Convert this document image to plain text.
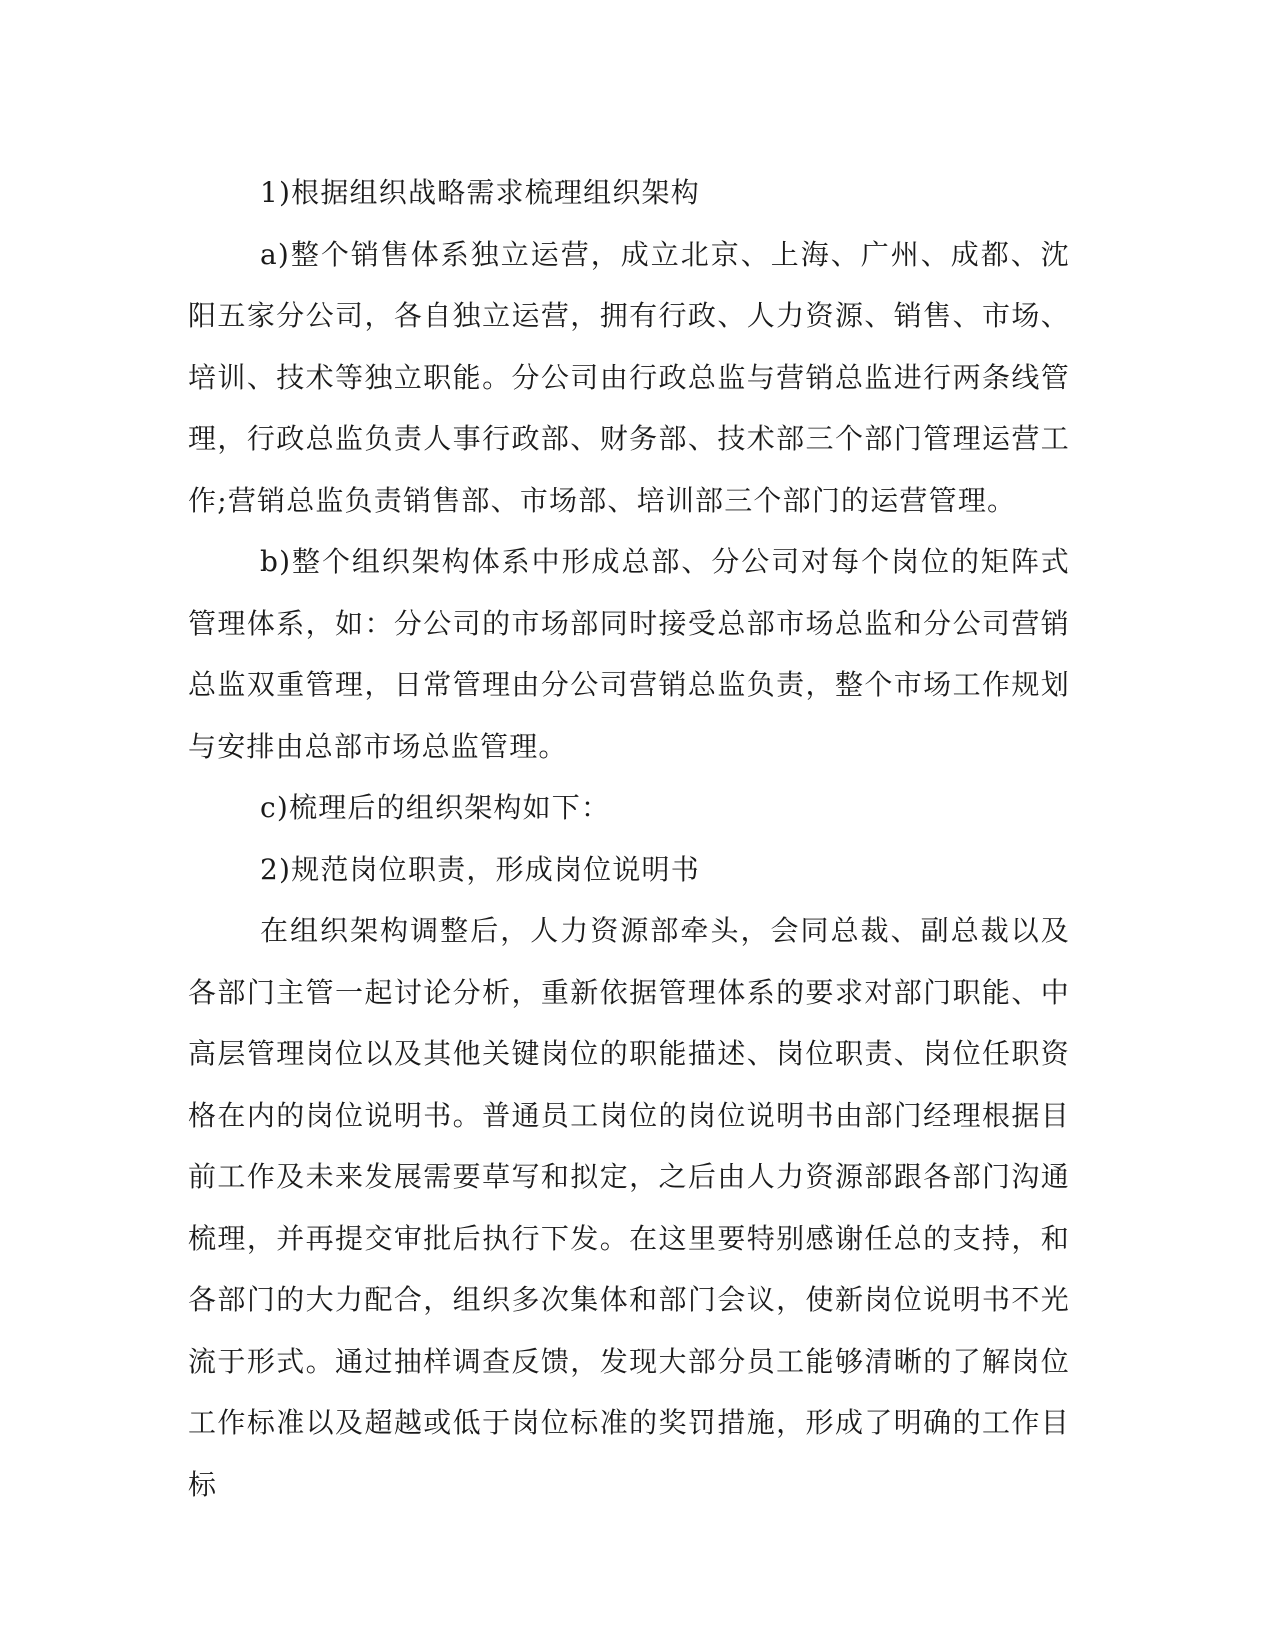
1)根据组织战略需求梳理组织架构

a)整个销售体系独立运营，成立北京、上海、广州、成都、沈阳五家分公司，各自独立运营，拥有行政、人力资源、销售、市场、培训、技术等独立职能。分公司由行政总监与营销总监进行两条线管理，行政总监负责人事行政部、财务部、技术部三个部门管理运营工作;营销总监负责销售部、市场部、培训部三个部门的运营管理。

b)整个组织架构体系中形成总部、分公司对每个岗位的矩阵式管理体系，如：分公司的市场部同时接受总部市场总监和分公司营销总监双重管理，日常管理由分公司营销总监负责，整个市场工作规划与安排由总部市场总监管理。

c)梳理后的组织架构如下：

2)规范岗位职责，形成岗位说明书

在组织架构调整后，人力资源部牵头，会同总裁、副总裁以及各部门主管一起讨论分析，重新依据管理体系的要求对部门职能、中高层管理岗位以及其他关键岗位的职能描述、岗位职责、岗位任职资格在内的岗位说明书。普通员工岗位的岗位说明书由部门经理根据目前工作及未来发展需要草写和拟定，之后由人力资源部跟各部门沟通梳理，并再提交审批后执行下发。在这里要特别感谢任总的支持，和各部门的大力配合，组织多次集体和部门会议，使新岗位说明书不光流于形式。通过抽样调查反馈，发现大部分员工能够清晰的了解岗位工作标准以及超越或低于岗位标准的奖罚措施，形成了明确的工作目标
